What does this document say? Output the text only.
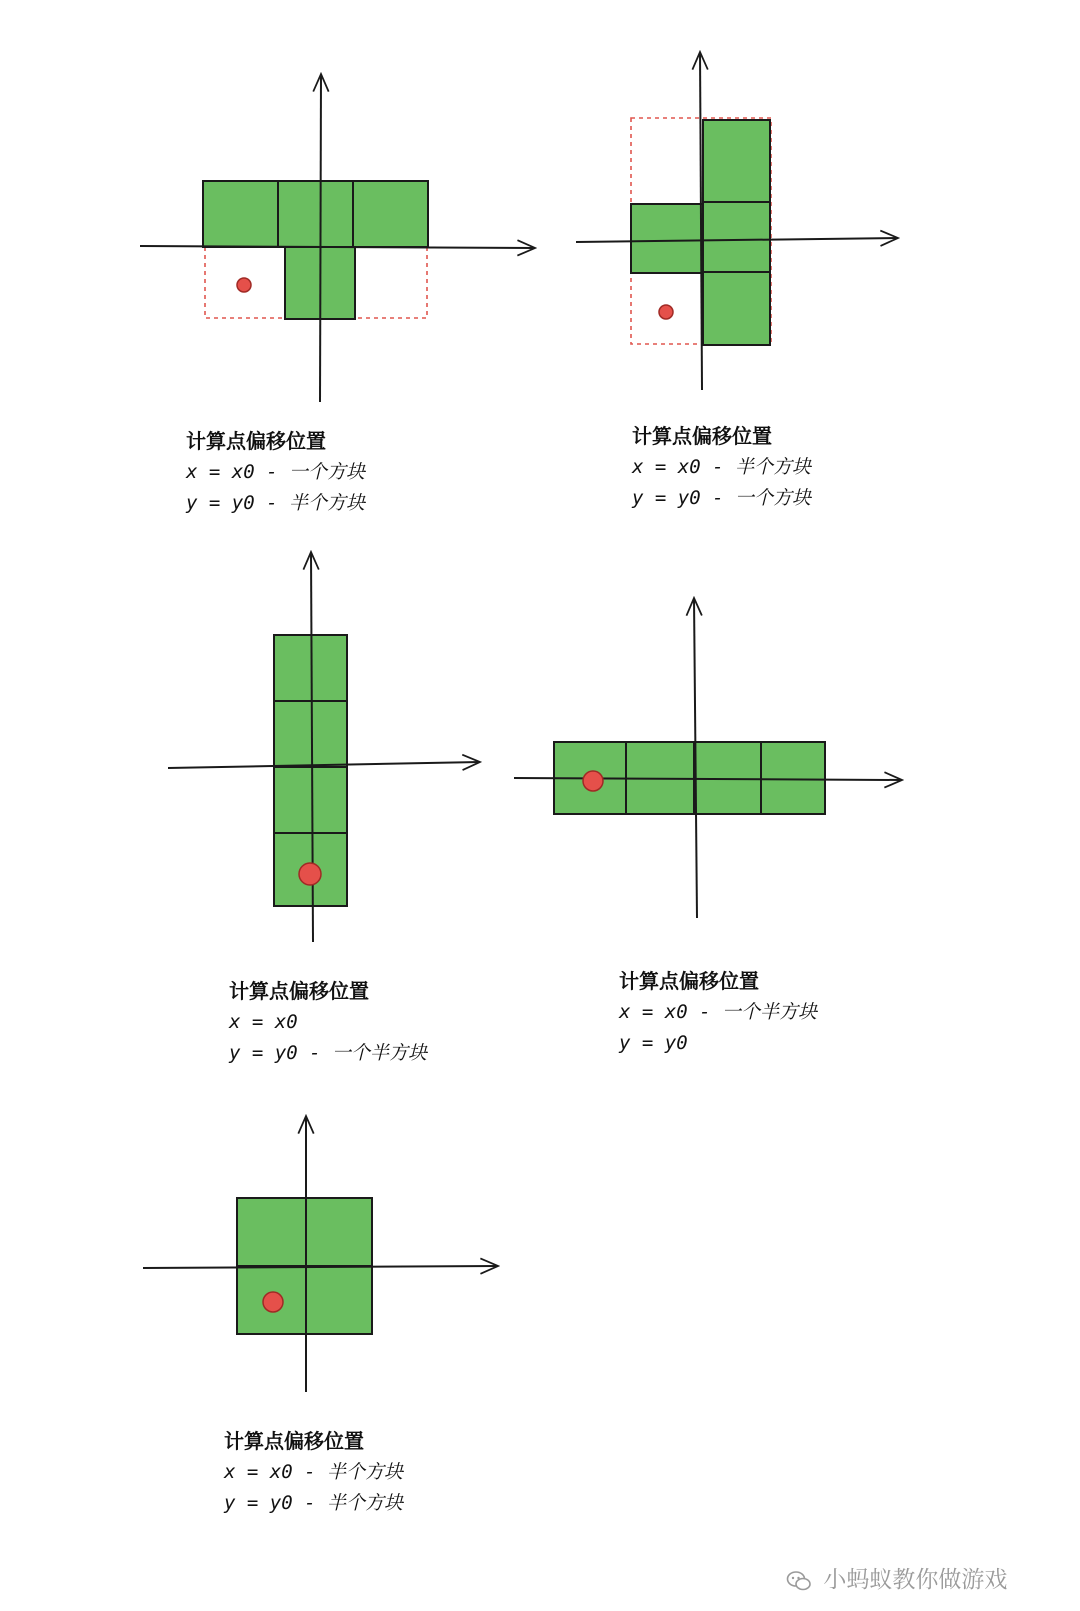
计算点偏移位置
x = x0 - 一个方块
y = y0 - 半个方块
计算点偏移位置
x = x0 - 半个方块
y = y0 - 一个方块
计算点偏移位置
x = x0
y = y0 - 一个半方块
计算点偏移位置
x = x0 - 一个半方块
y = y0
计算点偏移位置
x = x0 - 半个方块
y = y0 - 半个方块
小蚂蚁教你做游戏
